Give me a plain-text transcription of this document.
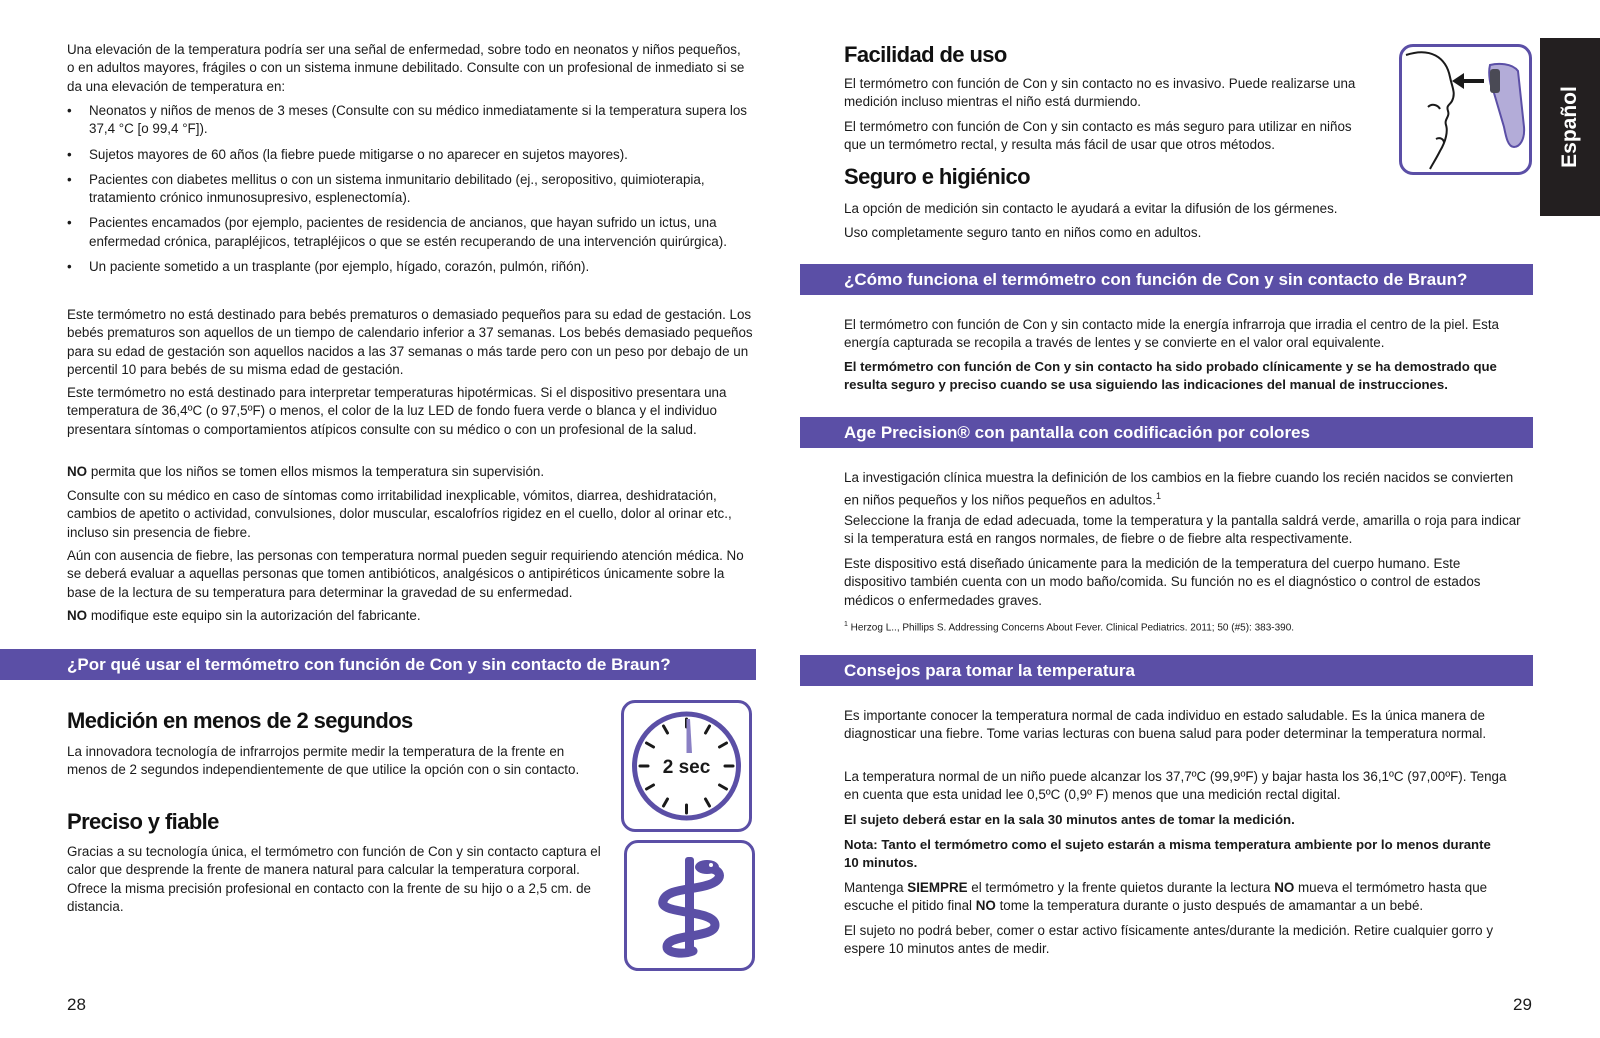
Una elevación de la temperatura podría ser una señal de enfermedad, sobre todo en neonatos y niños pequeños, o en adultos mayores, frágiles o con un sistema inmune debilitado. Consulte con un profesional de inmediato si se da una elevación de temperatura en:

• Neonatos y niños de menos de 3 meses (Consulte con su médico inmediatamente si la temperatura supera los 37,4 °C [o 99,4 °F]).
• Sujetos mayores de 60 años (la fiebre puede mitigarse o no aparecer en sujetos mayores).
• Pacientes con diabetes mellitus o con un sistema inmunitario debilitado (ej., seropositivo, quimioterapia, tratamiento crónico inmunosupresivo, esplenectomía).
• Pacientes encamados (por ejemplo, pacientes de residencia de ancianos, que hayan sufrido un ictus, una enfermedad crónica, parapléjicos, tetrapléjicos o que se estén recuperando de una intervención quirúrgica).
• Un paciente sometido a un trasplante (por ejemplo, hígado, corazón, pulmón, riñón).

Este termómetro no está destinado para bebés prematuros o demasiado pequeños para su edad de gestación. Los bebés prematuros son aquellos de un tiempo de calendario inferior a 37 semanas. Los bebés demasiado pequeños para su edad de gestación son aquellos nacidos a las 37 semanas o más tarde pero con un peso por debajo de un percentil 10 para bebés de su misma edad de gestación.

Este termómetro no está destinado para interpretar temperaturas hipotérmicas. Si el dispositivo presentara una temperatura de 36,4ºC (o 97,5ºF) o menos, el color de la luz LED de fondo fuera verde o blanca y el individuo presentara síntomas o comportamientos atípicos consulte con su médico o con un profesional de la salud.

NO permita que los niños se tomen ellos mismos la temperatura sin supervisión.

Consulte con su médico en caso de síntomas como irritabilidad inexplicable, vómitos, diarrea, deshidratación, cambios de apetito o actividad, convulsiones, dolor muscular, escalofríos rigidez en el cuello, dolor al orinar etc., incluso sin presencia de fiebre.

Aún con ausencia de fiebre, las personas con temperatura normal pueden seguir requiriendo atención médica. No se deberá evaluar a aquellas personas que tomen antibióticos, analgésicos o antipiréticos únicamente sobre la base de la lectura de su temperatura para determinar la gravedad de su enfermedad.

NO modifique este equipo sin la autorización del fabricante.

¿Por qué usar el termómetro con función de Con y sin contacto de Braun?
Medición en menos de 2 segundos

La innovadora tecnología de infrarrojos permite medir la temperatura de la frente en menos de 2 segundos independientemente de que utilice la opción con o sin contacto.	2 sec
Preciso y fiable

Gracias a su tecnología única, el termómetro con función de Con y sin contacto captura el calor que desprende la frente de manera natural para calcular la temperatura corporal. Ofrece la misma precisión profesional en contacto con la frente de su hijo o a 2,5 cm. de distancia.

28
Facilidad de uso

El termómetro con función de Con y sin contacto no es invasivo. Puede realizarse una medición incluso mientras el niño está durmiendo.

El termómetro con función de Con y sin contacto es más seguro para utilizar en niños que un termómetro rectal, y resulta más fácil de usar que otros métodos.

Seguro e higiénico

La opción de medición sin contacto le ayudará a evitar la difusión de los gérmenes.

Uso completamente seguro tanto en niños como en adultos.

¿Cómo funciona el termómetro con función de Con y sin contacto de Braun?

El termómetro con función de Con y sin contacto mide la energía infrarroja que irradia el centro de la piel. Esta energía capturada se recopila a través de lentes y se convierte en el valor oral equivalente.

El termómetro con función de Con y sin contacto ha sido probado clínicamente y se ha demostrado que resulta seguro y preciso cuando se usa siguiendo las indicaciones del manual de instrucciones.

Age Precision® con pantalla con codificación por colores

La investigación clínica muestra la definición de los cambios en la fiebre cuando los recién nacidos se convierten en niños pequeños y los niños pequeños en adultos.$^1$

Seleccione la franja de edad adecuada, tome la temperatura y la pantalla saldrá verde, amarilla o roja para indicar si la temperatura está en rangos normales, de fiebre o de fiebre alta respectivamente.

Este dispositivo está diseñado únicamente para la medición de la temperatura del cuerpo humano. Este dispositivo también cuenta con un modo baño/comida. Su función no es el diagnóstico o control de estados médicos o enfermedades graves.

$^1$ Herzog L.., Phillips S. Addressing Concerns About Fever. Clinical Pediatrics. 2011; 50 (#5): 383-390.

Consejos para tomar la temperatura

Es importante conocer la temperatura normal de cada individuo en estado saludable. Es la única manera de diagnosticar una fiebre. Tome varias lecturas con buena salud para poder determinar la temperatura normal.

La temperatura normal de un niño puede alcanzar los 37,7ºC (99,9ºF) y bajar hasta los 36,1ºC (97,00ºF). Tenga en cuenta que esta unidad lee 0,5ºC (0,9º F) menos que una medición rectal digital.

El sujeto deberá estar en la sala 30 minutos antes de tomar la medición.

Nota: Tanto el termómetro como el sujeto estarán a misma temperatura ambiente por lo menos durante 10 minutos.

Mantenga SIEMPRE el termómetro y la frente quietos durante la lectura NO mueva el termómetro hasta que escuche el pitido final NO tome la temperatura durante o justo después de amamantar a un bebé.

El sujeto no podrá beber, comer o estar activo físicamente antes/durante la medición. Retire cualquier gorro y espere 10 minutos antes de medir.

29
Español
